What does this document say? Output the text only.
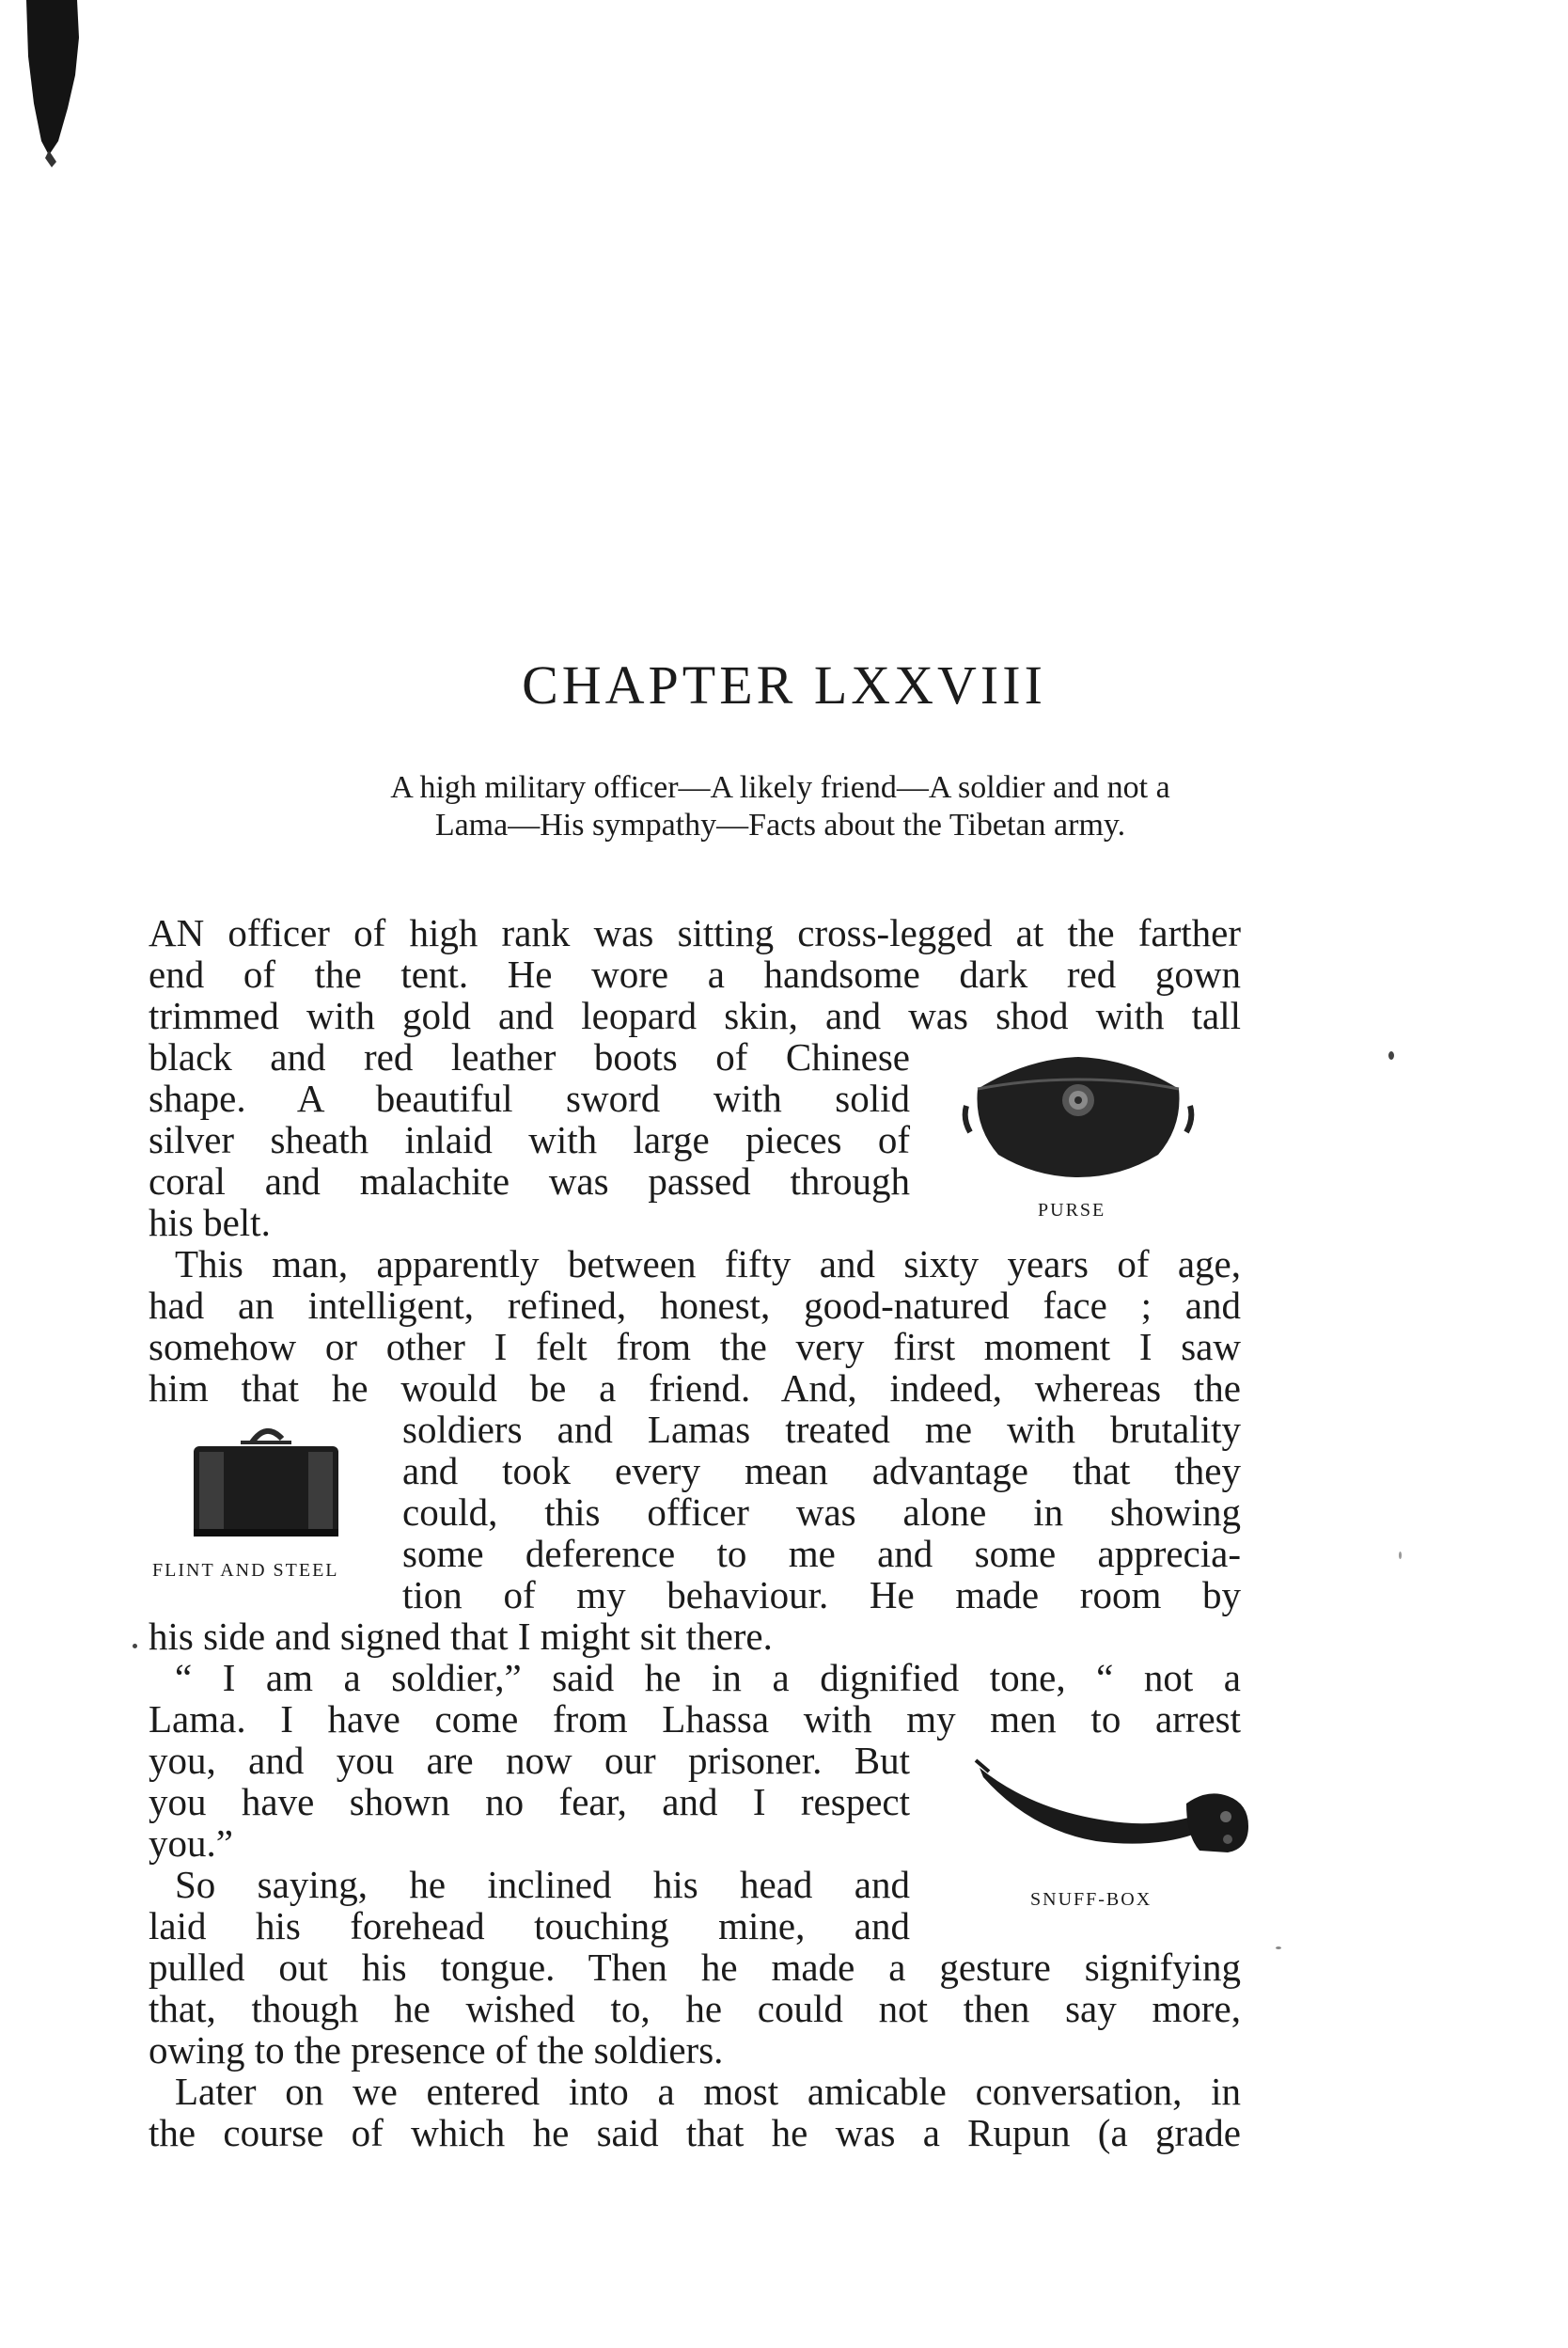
CHAPTER LXXVIII
A high military officer—A likely friend—A soldier and not a
Lama—His sympathy—Facts about the Tibetan army.
AN officer of high rank was sitting cross-legged at the farther
end of the tent. He wore a handsome dark red gown
trimmed with gold and leopard skin, and was shod with tall
black and red leather boots of Chinese
shape. A beautiful sword with solid
silver sheath inlaid with large pieces of
coral and malachite was passed through
his belt.
This man, apparently between fifty and sixty years of age,
had an intelligent, refined, honest, good-natured face ; and
somehow or other I felt from the very first moment I saw
him that he would be a friend. And, indeed, whereas the
soldiers and Lamas treated me with brutality
and took every mean advantage that they
could, this officer was alone in showing
some deference to me and some apprecia-
tion of my behaviour. He made room by
his side and signed that I might sit there.
“ I am a soldier,” said he in a dignified tone, “ not a
Lama. I have come from Lhassa with my men to arrest
you, and you are now our prisoner. But
you have shown no fear, and I respect
you.”
So saying, he inclined his head and
laid his forehead touching mine, and
pulled out his tongue. Then he made a gesture signifying
that, though he wished to, he could not then say more,
owing to the presence of the soldiers.
Later on we entered into a most amicable conversation, in
the course of which he said that he was a Rupun (a grade
PURSE
FLINT AND STEEL
SNUFF-BOX
